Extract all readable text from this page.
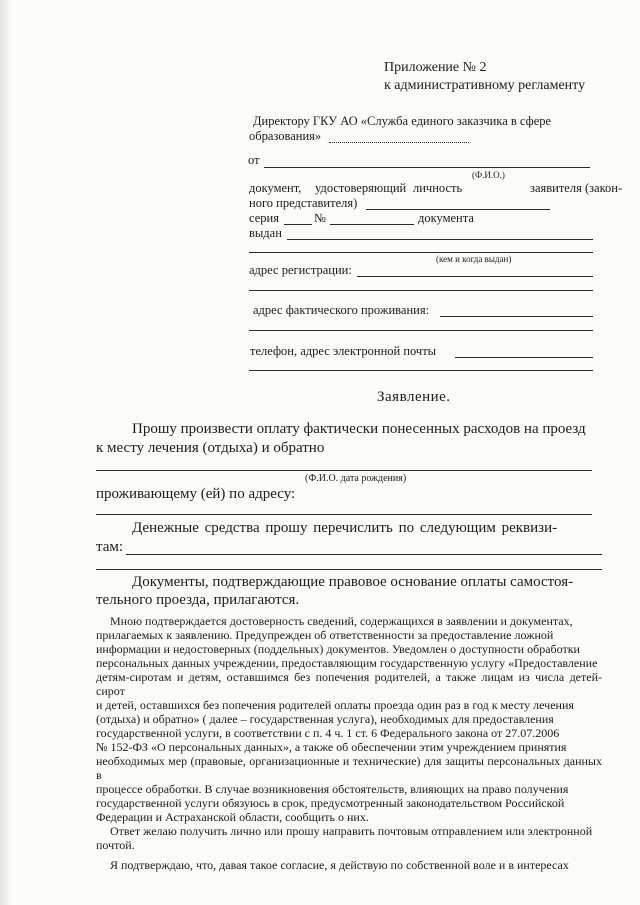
Приложение № 2
к административному регламенту
Директору ГКУ АО «Служба единого заказчика в сфере
образования»
от
(Ф.И.О.)
документ, удостоверяющий личность	заявителя (закон-
ного представителя)
серия	№	документа
выдан
(кем и когда выдан)
адрес регистрации:
адрес фактического проживания:
телефон, адрес электронной почты
Заявление.
Прошу произвести оплату фактически понесенных расходов на проезд
к месту лечения (отдыха) и обратно
(Ф.И.О. дата рождения)
проживающему (ей) по адресу:
Денежные средства прошу перечислить по следующим реквизи-
там:
Документы, подтверждающие правовое основание оплаты самостоя-
тельного проезда, прилагаются.
Мною подтверждается достоверность сведений, содержащихся в заявлении и документах,
прилагаемых к заявлению. Предупрежден об ответственности за предоставление ложной
информации и недостоверных (поддельных) документов. Уведомлен о доступности обработки
персональных данных учреждении, предоставляющим государственную услугу «Предоставление
детям-сиротам и детям, оставшимся без попечения родителей, а также лицам из числа детей-сирот
и детей, оставшихся без попечения родителей оплаты проезда один раз в год к месту лечения
(отдыха) и обратно» ( далее – государственная услуга), необходимых для предоставления
государственной услуги, в соответствии с п. 4 ч. 1 ст. 6 Федерального закона от 27.07.2006
№ 152-ФЗ «О персональных данных», а также об обеспечении этим учреждением принятия
необходимых мер (правовые, организационные и технические) для защиты персональных данных в
процессе обработки. В случае возникновения обстоятельств, влияющих на право получения
государственной услуги обязуюсь в срок, предусмотренный законодательством Российской
Федерации и Астраханской области, сообщить о них.
Ответ желаю получить лично или прошу направить почтовым отправлением или электронной
почтой.
Я подтверждаю, что, давая такое согласие, я действую по собственной воле и в интересах
